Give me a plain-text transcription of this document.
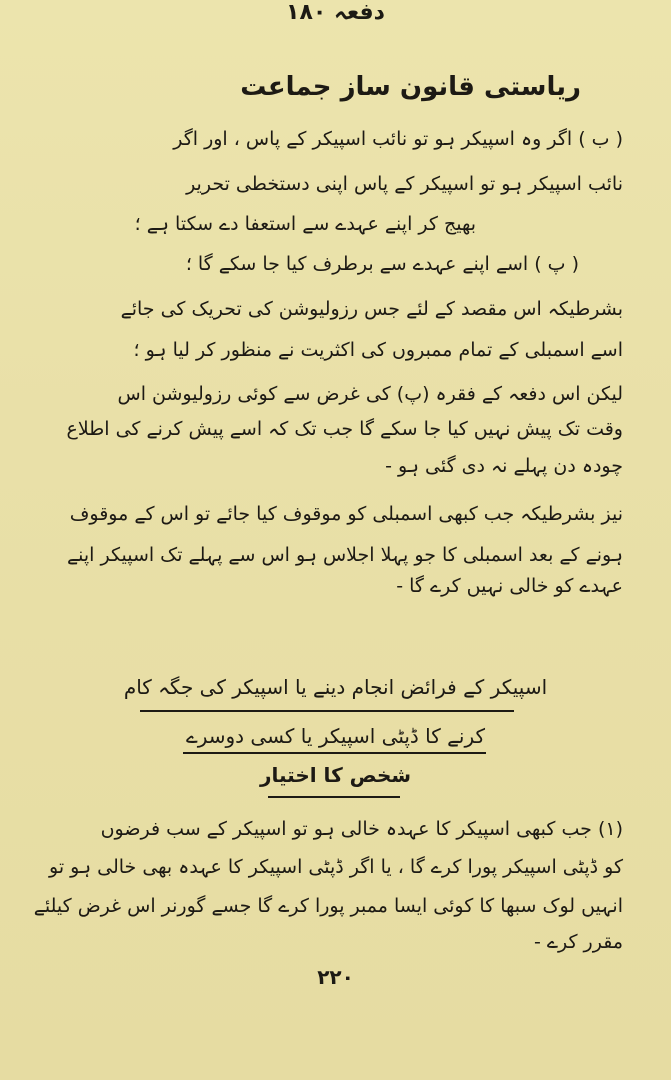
ریاستی قانون ساز جماعت
( ب ) اگر وہ اسپیکر ہو تو نائب اسپیکر کے پاس ، اور اگر
نائب اسپیکر ہو تو اسپیکر کے پاس اپنی دستخطی تحریر
بھیج کر اپنے عہدے سے استعفا دے سکتا ہے ؛
( پ ) اسے اپنے عہدے سے برطرف کیا جا سکے گا ؛
بشرطیکہ اس مقصد کے لئے جس رزولیوشن کی تحریک کی جائے
اسے اسمبلی کے تمام ممبروں کی اکثریت نے منظور کر لیا ہو ؛
لیکن اس دفعہ کے فقرہ (پ) کی غرض سے کوئی رزولیوشن اس
وقت تک پیش نہیں کیا جا سکے گا جب تک کہ اسے پیش کرنے کی اطلاع
چودہ دن پہلے نہ دی گئی ہو -
نیز بشرطیکہ جب کبھی اسمبلی کو موقوف کیا جائے تو اس کے موقوف
ہونے کے بعد اسمبلی کا جو پہلا اجلاس ہو اس سے پہلے تک اسپیکر اپنے
عہدے کو خالی نہیں کرے گا -
دفعہ ۱۸۰
اسپیکر کے فرائض انجام دینے یا اسپیکر کی جگہ کام
کرنے کا ڈپٹی اسپیکر یا کسی دوسرے
شخص کا اختیار
(۱) جب کبھی اسپیکر کا عہدہ خالی ہو تو اسپیکر کے سب فرضوں
کو ڈپٹی اسپیکر پورا کرے گا ، یا اگر ڈپٹی اسپیکر کا عہدہ بھی خالی ہو تو
انہیں لوک سبھا کا کوئی ایسا ممبر پورا کرے گا جسے گورنر اس غرض کیلئے
مقرر کرے -
۲۲۰
